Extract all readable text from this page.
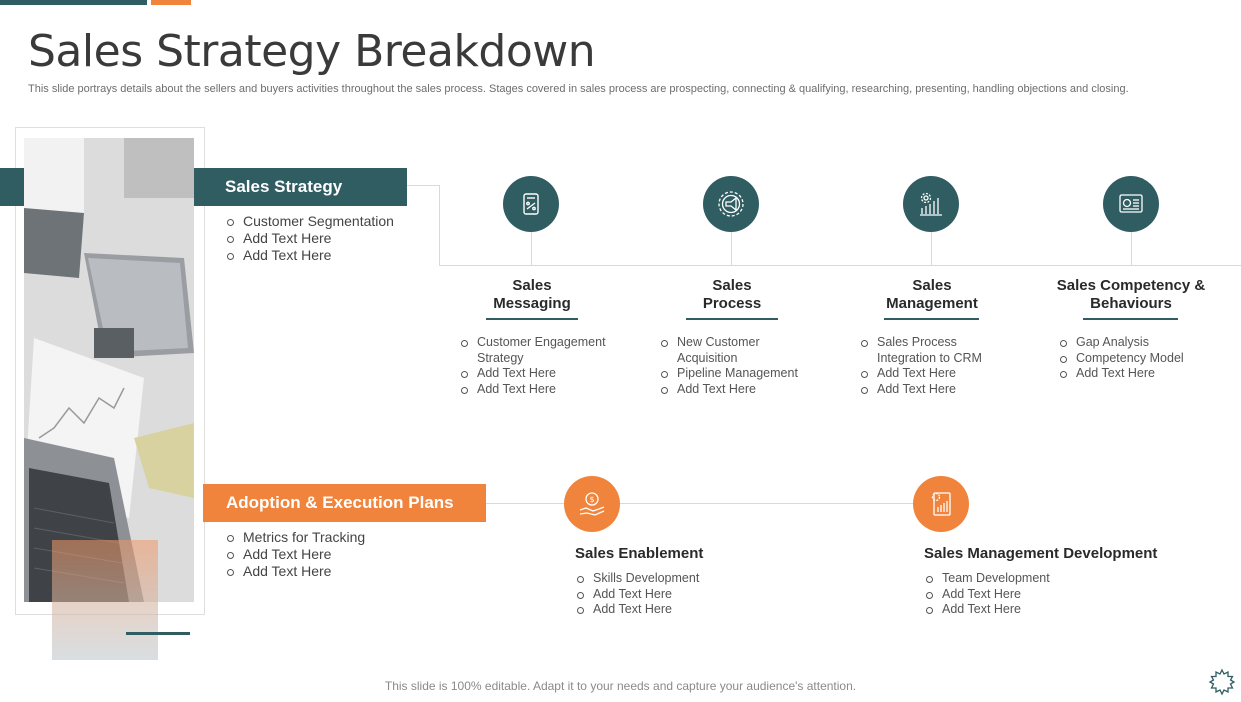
Sales Strategy Breakdown
This slide portrays details about the sellers and buyers activities throughout the sales process. Stages covered in sales process are prospecting, connecting & qualifying, researching, presenting, handling objections and closing.
Sales Strategy
Customer Segmentation
Add Text Here
Add Text Here
Sales Messaging
Sales Process
Sales Management
Sales Competency & Behaviours
Customer Engagement Strategy
Add Text Here
Add Text Here
New Customer Acquisition
Pipeline Management
Add Text Here
Sales Process Integration to CRM
Add Text Here
Add Text Here
Gap Analysis
Competency Model
Add Text Here
Adoption & Execution Plans
Metrics for Tracking
Add Text Here
Add Text Here
$
Sales Enablement
Skills Development
Add Text Here
Add Text Here
Sales Management Development
Team Development
Add Text Here
Add Text Here
This slide is 100% editable. Adapt it to your needs and capture your audience's attention.
